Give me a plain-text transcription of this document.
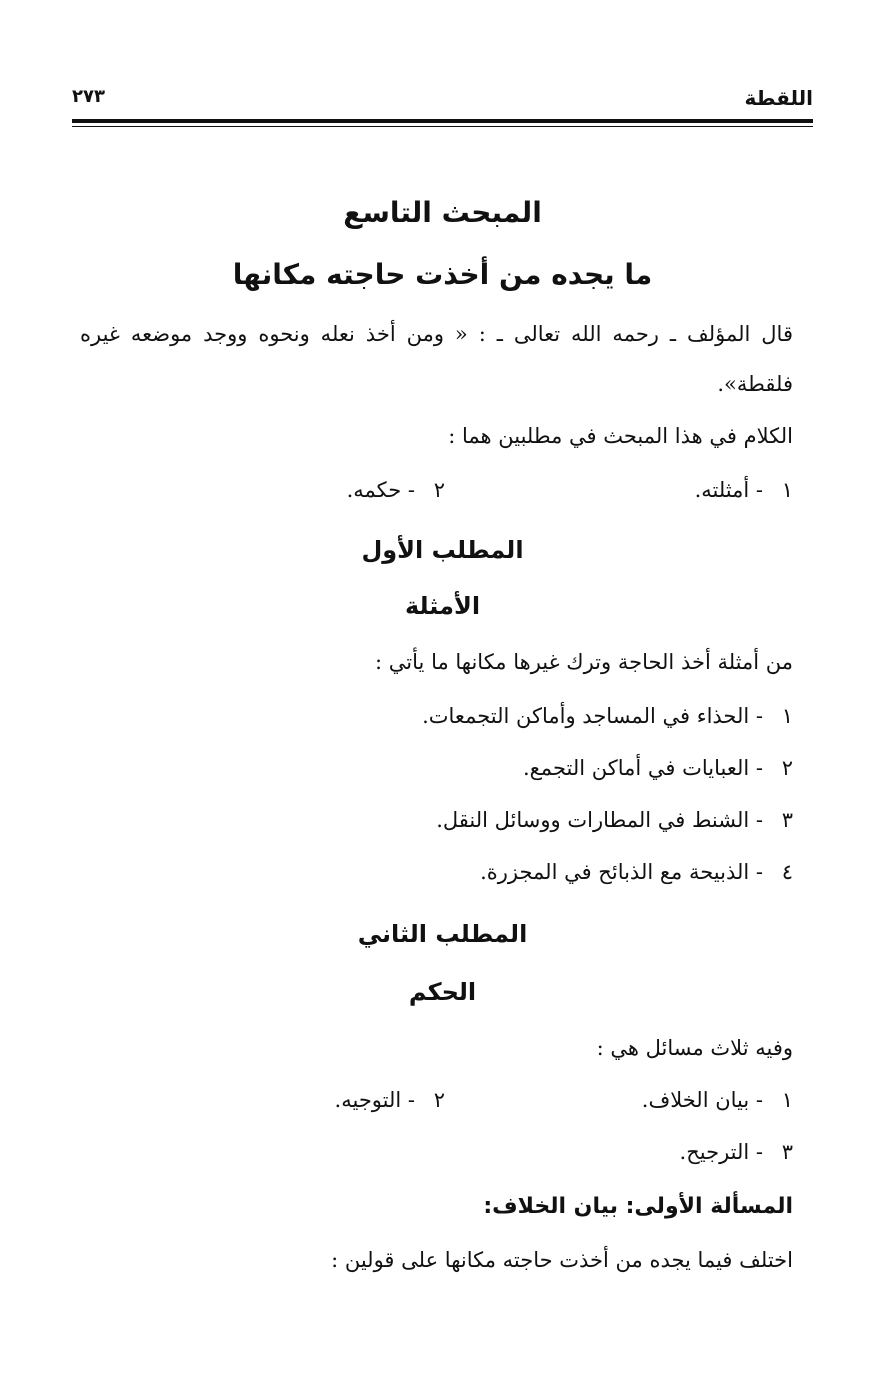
اللقطة
٢٧٣
المبحث التاسع
ما يجده من أخذت حاجته مكانها
قال المؤلف ـ رحمه الله تعالى ـ : « ومن أخذ نعله ونحوه ووجد موضعه غيره
فلقطة».
الكلام في هذا المبحث في مطلبين هما :
١- أمثلته.
٢- حكمه.
المطلب الأول
الأمثلة
من أمثلة أخذ الحاجة وترك غيرها مكانها ما يأتي :
١- الحذاء في المساجد وأماكن التجمعات.
٢- العبايات في أماكن التجمع.
٣- الشنط في المطارات ووسائل النقل.
٤- الذبيحة مع الذبائح في المجزرة.
المطلب الثاني
الحكم
وفيه ثلاث مسائل هي :
١- بيان الخلاف.
٢- التوجيه.
٣- الترجيح.
المسألة الأولى: بيان الخلاف:
اختلف فيما يجده من أخذت حاجته مكانها على قولين :
